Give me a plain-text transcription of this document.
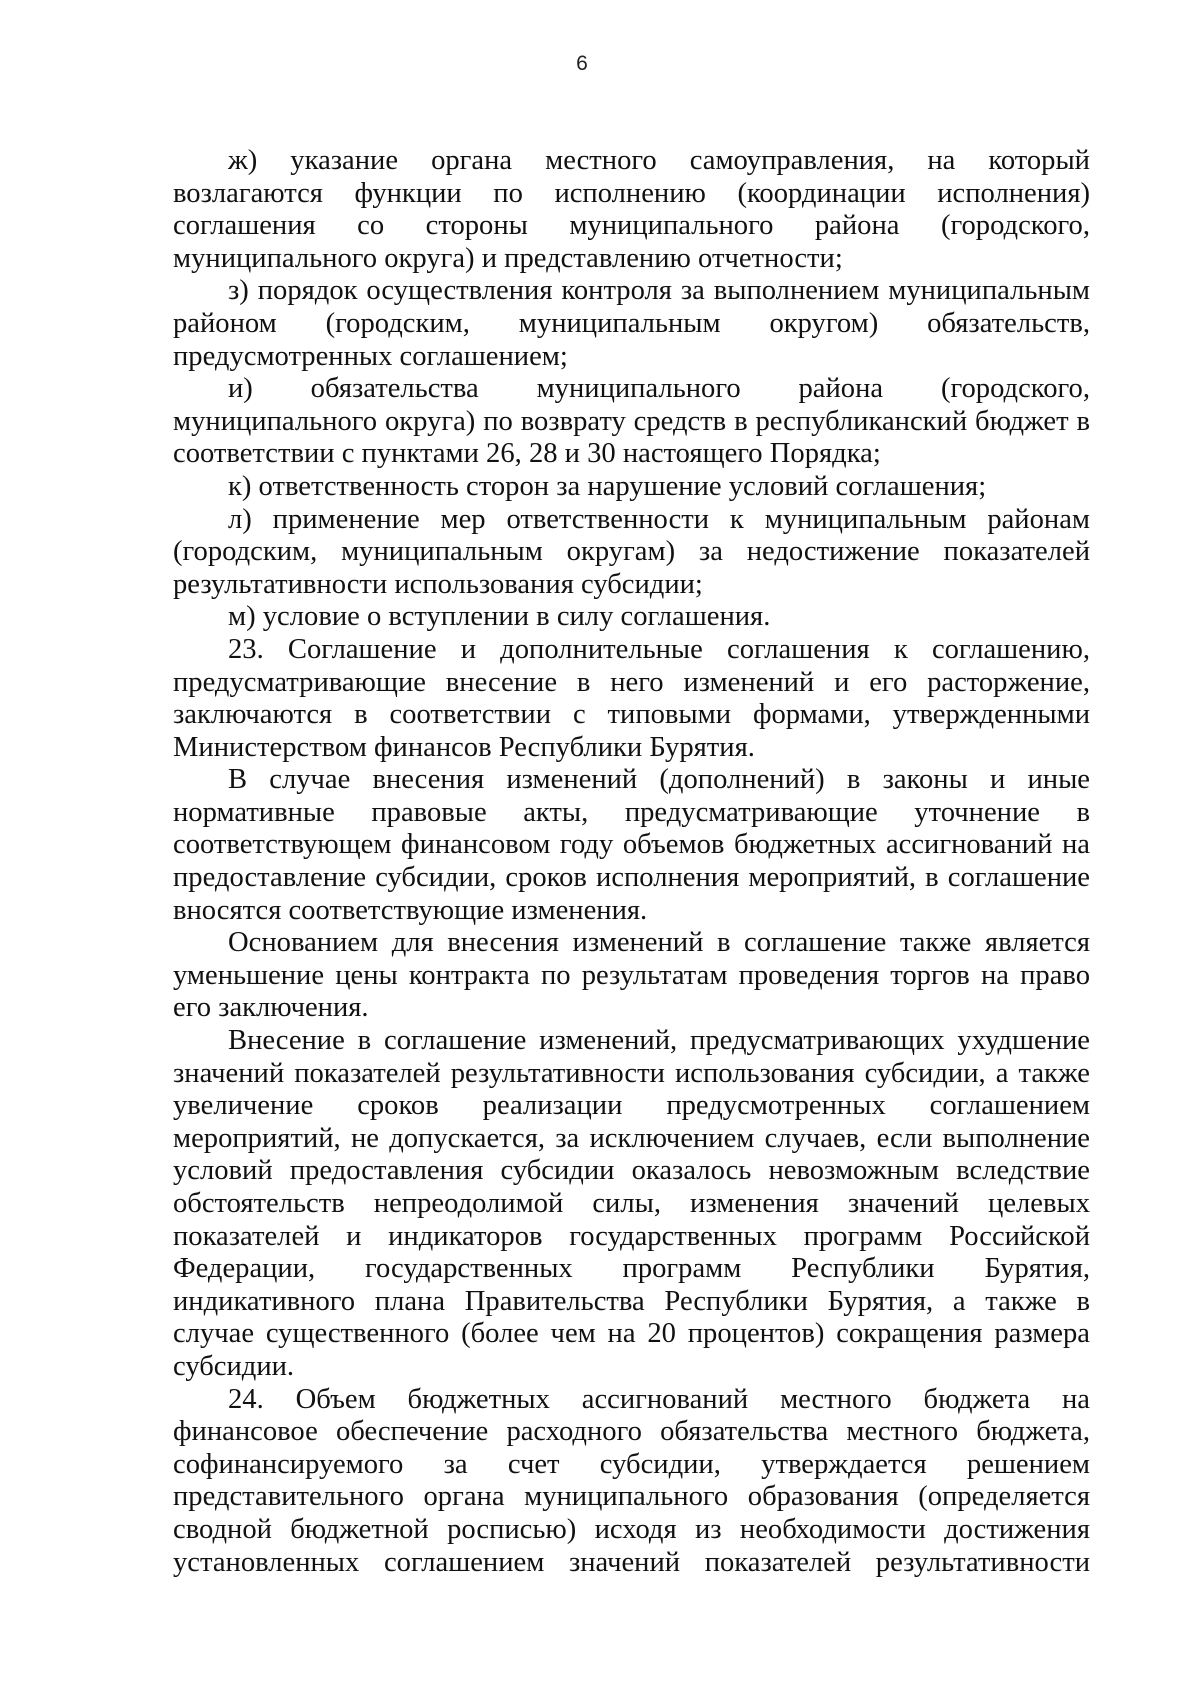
6

ж) указание органа местного самоуправления, на который возлагаются функции по исполнению (координации исполнения) соглашения со стороны муниципального района (городского, муниципального округа) и представлению отчетности;

з) порядок осуществления контроля за выполнением муниципальным районом (городским, муниципальным округом) обязательств, предусмотренных соглашением;

и) обязательства муниципального района (городского, муниципального округа) по возврату средств в республиканский бюджет в соответствии с пунктами 26, 28 и 30 настоящего Порядка;

к) ответственность сторон за нарушение условий соглашения;

л) применение мер ответственности к муниципальным районам (городским, муниципальным округам) за недостижение показателей результативности использования субсидии;

м) условие о вступлении в силу соглашения.

23. Соглашение и дополнительные соглашения к соглашению, предусматривающие внесение в него изменений и его расторжение, заключаются в соответствии с типовыми формами, утвержденными Министерством финансов Республики Бурятия.

В случае внесения изменений (дополнений) в законы и иные нормативные правовые акты, предусматривающие уточнение в соответствующем финансовом году объемов бюджетных ассигнований на предоставление субсидии, сроков исполнения мероприятий, в соглашение вносятся соответствующие изменения.

Основанием для внесения изменений в соглашение также является уменьшение цены контракта по результатам проведения торгов на право его заключения.

Внесение в соглашение изменений, предусматривающих ухудшение значений показателей результативности использования субсидии, а также увеличение сроков реализации предусмотренных соглашением мероприятий, не допускается, за исключением случаев, если выполнение условий предоставления субсидии оказалось невозможным вследствие обстоятельств непреодолимой силы, изменения значений целевых показателей и индикаторов государственных программ Российской Федерации, государственных программ Республики Бурятия, индикативного плана Правительства Республики Бурятия, а также в случае существенного (более чем на 20 процентов) сокращения размера субсидии.

24. Объем бюджетных ассигнований местного бюджета на финансовое обеспечение расходного обязательства местного бюджета, софинансируемого за счет субсидии, утверждается решением представительного органа муниципального образования (определяется сводной бюджетной росписью) исходя из необходимости достижения установленных соглашением значений показателей результативности
